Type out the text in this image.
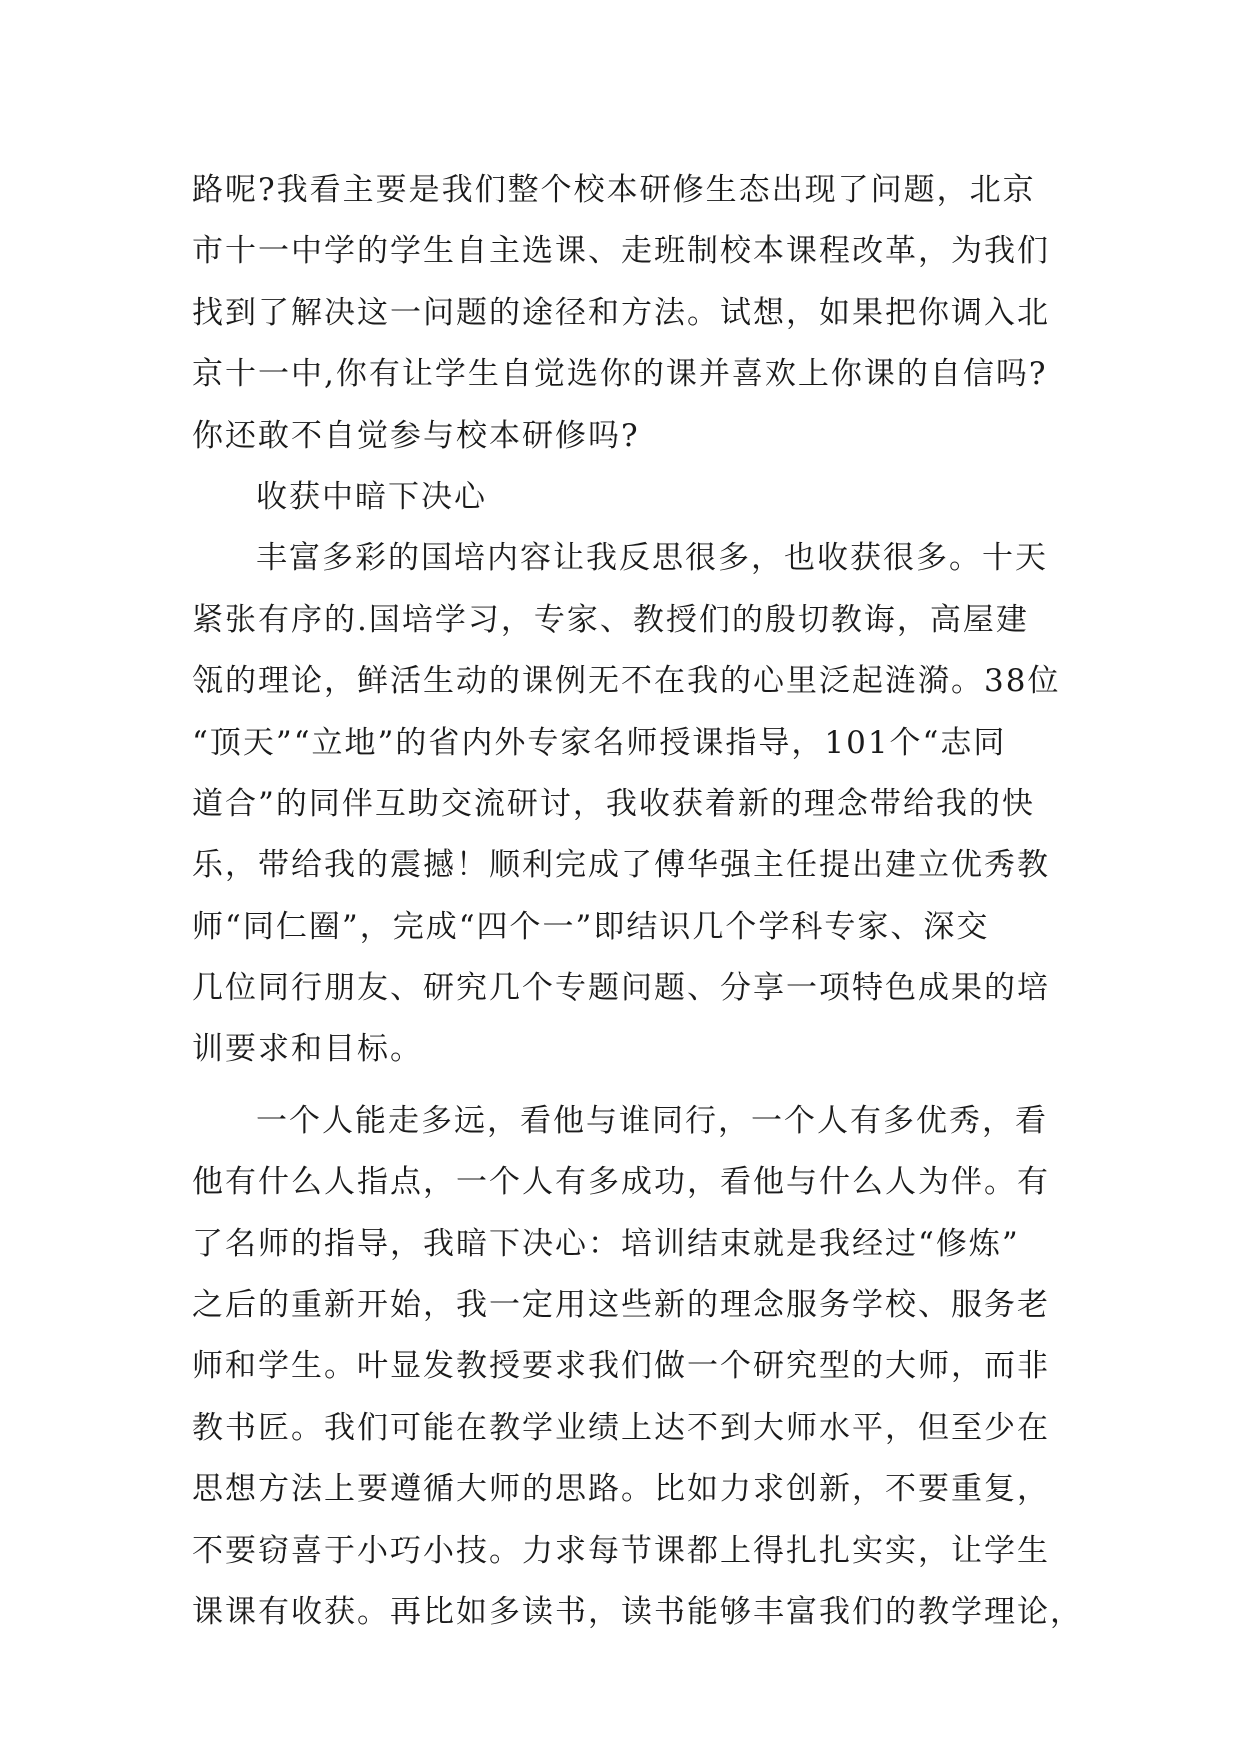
路呢?我看主要是我们整个校本研修生态出现了问题，北京
市十一中学的学生自主选课、走班制校本课程改革，为我们
找到了解决这一问题的途径和方法。试想，如果把你调入北
京十一中,你有让学生自觉选你的课并喜欢上你课的自信吗?
你还敢不自觉参与校本研修吗?
收获中暗下决心
丰富多彩的国培内容让我反思很多，也收获很多。十天
紧张有序的.国培学习，专家、教授们的殷切教诲，高屋建
瓴的理论，鲜活生动的课例无不在我的心里泛起涟漪。38位
“顶天”“立地”的省内外专家名师授课指导，101个“志同
道合”的同伴互助交流研讨，我收获着新的理念带给我的快
乐，带给我的震撼！顺利完成了傅华强主任提出建立优秀教
师“同仁圈”，完成“四个一”即结识几个学科专家、深交
几位同行朋友、研究几个专题问题、分享一项特色成果的培
训要求和目标。
一个人能走多远，看他与谁同行，一个人有多优秀，看
他有什么人指点，一个人有多成功，看他与什么人为伴。有
了名师的指导，我暗下决心：培训结束就是我经过“修炼”
之后的重新开始，我一定用这些新的理念服务学校、服务老
师和学生。叶显发教授要求我们做一个研究型的大师，而非
教书匠。我们可能在教学业绩上达不到大师水平，但至少在
思想方法上要遵循大师的思路。比如力求创新，不要重复，
不要窃喜于小巧小技。力求每节课都上得扎扎实实，让学生
课课有收获。再比如多读书，读书能够丰富我们的教学理论，
